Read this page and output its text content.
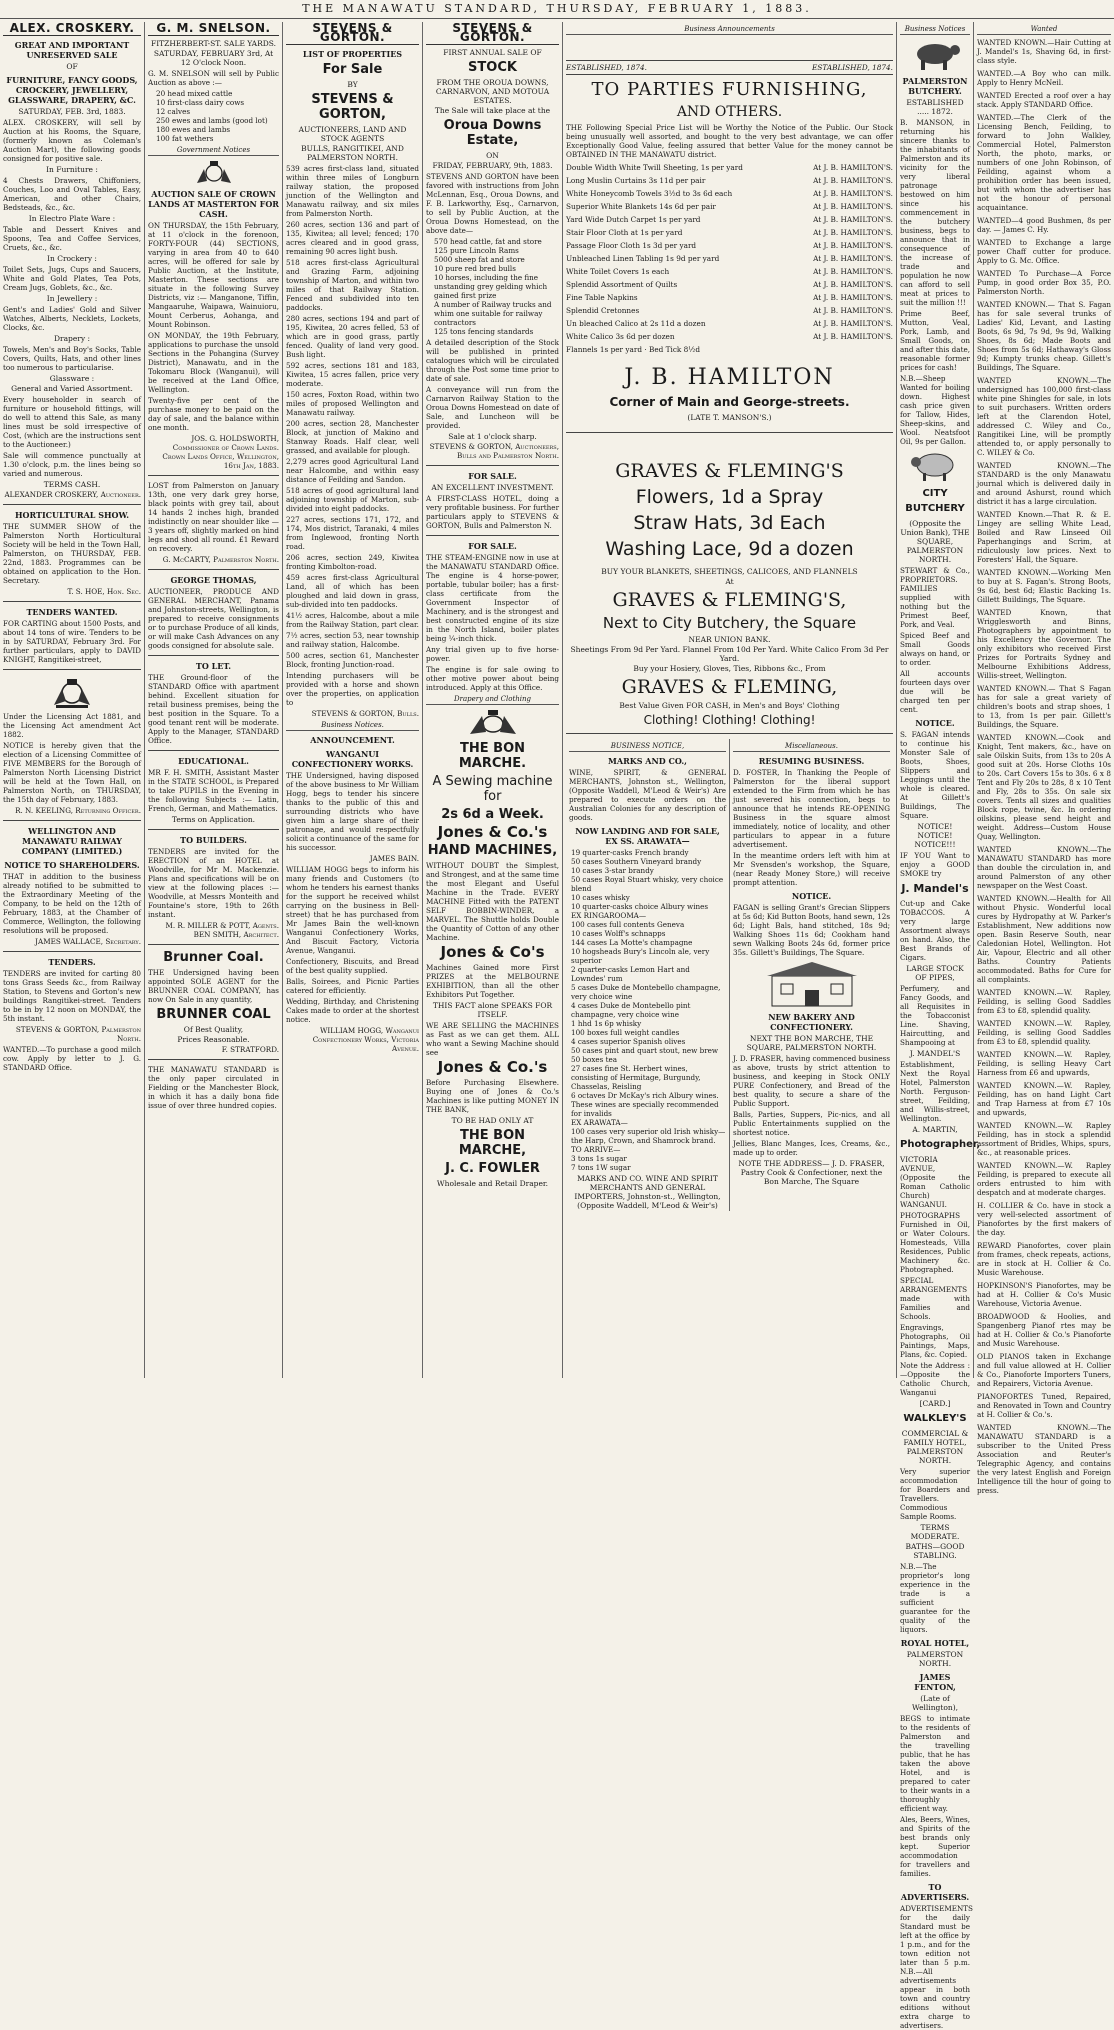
THE MANAWATU STANDARD, THURSDAY, FEBRUARY 1, 1883.
ALEX. CROSKERY.
GREAT AND IMPORTANT UNRESERVED SALE
OF
FURNITURE, FANCY GOODS, CROCKERY, JEWELLERY, GLASSWARE, DRAPERY, &C.
SATURDAY, FEB. 3rd, 1883.
ALEX. CROSKERY, will sell by Auction at his Rooms, the Square, (formerly known as Coleman's Auction Mart), the following goods consigned for positive sale.
In Furniture :
4 Chests Drawers, Chiffoniers, Couches, Loo and Oval Tables, Easy, American, and other Chairs, Bedsteads, &c., &c.
In Electro Plate Ware :
Table and Dessert Knives and Spoons, Tea and Coffee Services, Cruets, &c., &c.
In Crockery :
Toilet Sets, Jugs, Cups and Saucers, White and Gold Plates, Tea Pots, Cream Jugs, Goblets, &c., &c.
In Jewellery :
Gent's and Ladies' Gold and Silver Watches, Alberts, Necklets, Lockets, Clocks, &c.
Drapery :
Towels, Men's and Boy's Socks, Table Covers, Quilts, Hats, and other lines too numerous to particularise.
Glassware :
General and Varied Assortment.
Every householder in search of furniture or household fittings, will do well to attend this Sale, as many lines must be sold irrespective of Cost, (which are the instructions sent to the Auctioneer.)
Sale will commence punctually at 1.30 o'clock, p.m. the lines being so varied and numerous.
TERMS CASH.
ALEXANDER CROSKERY, Auctioneer.
HORTICULTURAL SHOW.
THE SUMMER SHOW of the Palmerston North Horticultural Society will be held in the Town Hall, Palmerston, on THURSDAY, FEB. 22nd, 1883. Programmes can be obtained on application to the Hon. Secretary.
T. S. HOE, Hon. Sec.
TENDERS WANTED.
FOR CARTING about 1500 Posts, and about 14 tons of wire. Tenders to be in by SATURDAY, February 3rd. For further particulars, apply to DAVID KNIGHT, Rangitikei-street,
Under the Licensing Act 1881, and the Licensing Act amendment Act 1882.
NOTICE is hereby given that the election of a Licensing Committee of FIVE MEMBERS for the Borough of Palmerston North Licensing District will be held at the Town Hall, on Palmerston North, on THURSDAY, the 15th day of February, 1883.
R. N. KEELING, Returning Officer.
WELLINGTON AND MANAWATU RAILWAY COMPANY (LIMITED.)
NOTICE TO SHAREHOLDERS.
THAT in addition to the business already notified to be submitted to the Extraordinary Meeting of the Company, to be held on the 12th of February, 1883, at the Chamber of Commerce, Wellington, the following resolutions will be proposed.
JAMES WALLACE, Secretary.
TENDERS.
TENDERS are invited for carting 80 tons Grass Seeds &c., from Railway Station, to Stevens and Gorton's new buildings Rangitikei-street. Tenders to be in by 12 noon on MONDAY, the 5th instant.
STEVENS & GORTON, Palmerston North.
WANTED.—To purchase a good milch cow. Apply by letter to J. G. STANDARD Office.
G. M. SNELSON.
FITZHERBERT-ST. SALE YARDS.
SATURDAY, FEBRUARY 3rd, At 12 O'clock Noon.
G. M. SNELSON will sell by Public Auction as above :—
20 head mixed cattle
10 first-class dairy cows
12 calves
250 ewes and lambs (good lot)
180 ewes and lambs
100 fat wethers
Government Notices
AUCTION SALE OF CROWN LANDS AT MASTERTON FOR CASH.
ON THURSDAY, the 15th February, at 11 o'clock in the forenoon, FORTY-FOUR (44) SECTIONS, varying in area from 40 to 640 acres, will be offered for sale by Public Auction, at the Institute, Masterton. These sections are situate in the following Survey Districts, viz :— Manganone, Tiffin, Mangaaruhe, Waipawa, Wainuioru, Mount Cerberus, Aohanga, and Mount Robinson.
ON MONDAY, the 19th February, applications to purchase the unsold Sections in the Pohangina (Survey District), Manawatu, and in the Tokomaru Block (Wanganui), will be received at the Land Office, Wellington.
Twenty-five per cent of the purchase money to be paid on the day of sale, and the balance within one month.
JOS. G. HOLDSWORTH, Commissioner of Crown Lands. Crown Lands Office, Wellington, 16th Jan, 1883.
LOST from Palmerston on January 13th, one very dark grey horse, black points with grey tail, about 14 hands 2 inches high, branded indistinctly on near shoulder like — 3 years off, slightly marked on hind legs and shod all round. £1 Reward on recovery.
G. McCARTY, Palmerston North.
GEORGE THOMAS,
AUCTIONEER, PRODUCE AND GENERAL MERCHANT, Panama and Johnston-streets, Wellington, is prepared to receive consignments or to purchase Produce of all kinds, or will make Cash Advances on any goods consigned for absolute sale.
TO LET.
THE Ground-floor of the STANDARD Office with apartment behind. Excellent situation for retail business premises, being the best position in the Square. To a good tenant rent will be moderate. Apply to the Manager, STANDARD Office.
EDUCATIONAL.
MR F. H. SMITH, Assistant Master in the STATE SCHOOL, is Prepared to take PUPILS in the Evening in the following Subjects :— Latin, French, German, and Mathematics.
Terms on Application.
TO BUILDERS.
TENDERS are invited for the ERECTION of an HOTEL at Woodville, for Mr M. Mackenzie. Plans and specifications will be on view at the following places :— Woodville, at Messrs Monteith and Fountaine's store, 19th to 26th instant.
M. R. MILLER & POTT, Agents. BEN SMITH, Architect.
Brunner Coal.
THE Undersigned having been appointed SOLE AGENT for the BRUNNER COAL COMPANY, has now On Sale in any quantity,
BRUNNER COAL
Of Best Quality,
Prices Reasonable.
F. STRATFORD.
THE MANAWATU STANDARD is the only paper circulated in Fielding or the Manchester Block, in which it has a daily bona fide issue of over three hundred copies.
STEVENS & GORTON.
LIST OF PROPERTIES
For Sale
BY
STEVENS & GORTON,
AUCTIONEERS, LAND AND STOCK AGENTS
BULLS, RANGITIKEI, AND PALMERSTON NORTH.
539 acres first-class land, situated within three miles of Longburn railway station, the proposed junction of the Wellington and Manawatu railway, and six miles from Palmerston North.
260 acres, section 136 and part of 135, Kiwitea; all level; fenced; 170 acres cleared and in good grass, remaining 90 acres light bush.
518 acres first-class Agricultural and Grazing Farm, adjoining township of Marton, and within two miles of that Railway Station. Fenced and subdivided into ten paddocks.
280 acres, sections 194 and part of 195, Kiwitea, 20 acres felled, 53 of which are in good grass, partly fenced. Quality of land very good. Bush light.
592 acres, sections 181 and 183, Kiwitea, 15 acres fallen, price very moderate.
150 acres, Foxton Road, within two miles of proposed Wellington and Manawatu railway.
200 acres, section 28, Manchester Block, at junction of Makino and Stanway Roads. Half clear, well grassed, and available for plough.
2,279 acres good Agricultural Land near Halcombe, and within easy distance of Feilding and Sandon.
518 acres of good agricultural land adjoining township of Marton, sub-divided into eight paddocks.
227 acres, sections 171, 172, and 174, Mos district, Taranaki, 4 miles from Inglewood, fronting North road.
206 acres, section 249, Kiwitea fronting Kimbolton-road.
459 acres first-class Agricultural Land, all of which has been ploughed and laid down in grass, sub-divided into ten paddocks.
41½ acres, Halcombe, about a mile from the Railway Station, part clear.
7½ acres, section 53, near township and railway station, Halcombe.
500 acres, section 61, Manchester Block, fronting Junction-road.
Intending purchasers will be provided with a horse and shown over the properties, on application to
STEVENS & GORTON, Bulls.
Business Notices.
ANNOUNCEMENT.
WANGANUI CONFECTIONERY WORKS.
THE Undersigned, having disposed of the above business to Mr William Hogg, begs to tender his sincere thanks to the public of this and surrounding districts who have given him a large share of their patronage, and would respectfully solicit a continuance of the same for his successor.
JAMES BAIN.
WILLIAM HOGG begs to inform his many friends and Customers (to whom he tenders his earnest thanks for the support he received whilst carrying on the business in Bell-street) that he has purchased from Mr James Bain the well-known Wanganui Confectionery Works, And Biscuit Factory, Victoria Avenue, Wanganui.
Confectionery, Biscuits, and Bread of the best quality supplied.
Balls, Soirees, and Picnic Parties catered for efficiently.
Wedding, Birthday, and Christening Cakes made to order at the shortest notice.
WILLIAM HOGG, Wanganui Confectionery Works, Victoria Avenue.
STEVENS & GORTON.
FIRST ANNUAL SALE OF
STOCK
FROM THE OROUA DOWNS, CARNARVON, AND MOTOUA ESTATES.
The Sale will take place at the
Oroua Downs Estate,
ON
FRIDAY, FEBRUARY, 9th, 1883.
STEVENS AND GORTON have been favored with instructions from John McLennan, Esq., Oroua Downs, and F. B. Larkworthy, Esq., Carnarvon, to sell by Public Auction, at the Oroua Downs Homestead, on the above date—
570 head cattle, fat and store
125 pure Lincoln Rams
5000 sheep fat and store
10 pure red bred bulls
10 horses, including the fine unstanding grey gelding which gained first prize
A number of Railway trucks and whim one suitable for railway contractors
125 tons fencing standards
A detailed description of the Stock will be published in printed catalogues which will be circulated through the Post some time prior to date of sale.
A conveyance will run from the Carnarvon Railway Station to the Oroua Downs Homestead on date of Sale, and Luncheon will be provided.
Sale at 1 o'clock sharp.
STEVENS & GORTON, Auctioneers, Bulls and Palmerston North.
FOR SALE.
AN EXCELLENT INVESTMENT.
A FIRST-CLASS HOTEL, doing a very profitable business. For further particulars apply to STEVENS & GORTON, Bulls and Palmerston N.
FOR SALE.
THE STEAM-ENGINE now in use at the MANAWATU STANDARD Office. The engine is 4 horse-power, portable, tubular boiler; has a first-class certificate from the Government Inspector of Machinery, and is the strongest and best constructed engine of its size in the North Island, boiler plates being ¼-inch thick.
Any trial given up to five horse-power.
The engine is for sale owing to other motive power about being introduced. Apply at this Office.
Drapery and Clothing
THE BON MARCHE.
A Sewing machine for
2s 6d a Week.
Jones & Co.'s
HAND MACHINES,
WITHOUT DOUBT the Simplest, and Strongest, and at the same time the most Elegant and Useful Machine in the Trade. EVERY MACHINE Fitted with the PATENT SELF BOBBIN-WINDER, a MARVEL. The Shuttle holds Double the Quantity of Cotton of any other Machine.
Jones & Co's
Machines Gained more First PRIZES at the MELBOURNE EXHIBITION, than all the other Exhibitors Put Together.
THIS FACT alone SPEAKS FOR ITSELF.
WE ARE SELLING the MACHINES as Fast as we can get them. ALL who want a Sewing Machine should see
Jones & Co.'s
Before Purchasing Elsewhere. Buying one of Jones & Co.'s Machines is like putting MONEY IN THE BANK,
TO BE HAD ONLY AT
THE BON MARCHE,
J. C. FOWLER
Wholesale and Retail Draper.
Business Announcements
ESTABLISHED, 1874.	ESTABLISHED, 1874.
TO PARTIES FURNISHING,
AND OTHERS.
THE Following Special Price List will be Worthy the Notice of the Public. Our Stock being unusually well assorted, and bought to the very best advantage, we can offer Exceptionally Good Value, feeling assured that better Value for the money cannot be OBTAINED IN THE MANAWATU district.
Double Width White Twill Sheeting, 1s per yard	At J. B. HAMILTON'S.
Long Muslin Curtains 3s 11d per pair	At J. B. HAMILTON'S.
White Honeycomb Towels 3½d to 3s 6d each	At J. B. HAMILTON'S.
Superior White Blankets 14s 6d per pair	At J. B. HAMILTON'S.
Yard Wide Dutch Carpet 1s per yard	At J. B. HAMILTON'S.
Stair Floor Cloth at 1s per yard	At J. B. HAMILTON'S.
Passage Floor Cloth 1s 3d per yard	At J. B. HAMILTON'S.
Unbleached Linen Tabling 1s 9d per yard	At J. B. HAMILTON'S.
White Toilet Covers 1s each	At J. B. HAMILTON'S.
Splendid Assortment of Quilts	At J. B. HAMILTON'S.
Fine Table Napkins	At J. B. HAMILTON'S.
Splendid Cretonnes	At J. B. HAMILTON'S.
Un bleached Calico at 2s 11d a dozen	At J. B. HAMILTON'S.
White Calico 3s 6d per dozen	At J. B. HAMILTON'S.
Flannels 1s per yard · Bed Tick 8½d
J. B. HAMILTON
Corner of Main and George-streets.
(LATE T. MANSON'S.)
GRAVES & FLEMING'S
Flowers, 1d a Spray
Straw Hats, 3d Each
Washing Lace, 9d a dozen
BUY YOUR BLANKETS, SHEETINGS, CALICOES, AND FLANNELS
At
GRAVES & FLEMING'S,
Next to City Butchery, the Square
NEAR UNION BANK.
Sheetings From 9d Per Yard. Flannel From 10d Per Yard. White Calico From 3d Per Yard.
Buy your Hosiery, Gloves, Ties, Ribbons &c., From
GRAVES & FLEMING,
Best Value Given FOR CASH, in Men's and Boys' Clothing
Clothing! Clothing! Clothing!
BUSINESS NOTICE,
MARKS AND CO.,
WINE, SPIRIT, & GENERAL MERCHANTS, Johnston st., Wellington, (Opposite Waddell, M'Leod & Weir's) Are prepared to execute orders on the Australian Colonies for any description of goods.
NOW LANDING AND FOR SALE, EX SS. ARAWATA—
19 quarter-casks French brandy
50 cases Southern Vineyard brandy
10 cases 3-star brandy
50 cases Royal Stuart whisky, very choice blend
10 cases whisky
10 quarter-casks choice Albury wines
EX RINGAROOMA—
100 cases full contents Geneva
10 cases Wolff's schnapps
144 cases La Motte's champagne
10 hogsheads Bury's Lincoln ale, very superior
2 quarter-casks Lemon Hart and Lowndes' rum
5 cases Duke de Montebello champagne, very choice wine
4 cases Duke de Montebello pint champagne, very choice wine
1 hhd 1s 6p whisky
100 boxes full weight candles
4 cases superior Spanish olives
50 cases pint and quart stout, new brew
50 boxes tea
27 cases fine St. Herbert wines, consisting of Hermitage, Burgundy, Chasselas, Reisling
6 octaves Dr McKay's rich Albury wines. These wines are specially recommended for invalids
EX ARAWATA—
100 cases very superior old Irish whisky—the Harp, Crown, and Shamrock brand.
TO ARRIVE—
3 tons 1s sugar
7 tons 1W sugar
MARKS AND CO. WINE AND SPIRIT MERCHANTS AND GENERAL IMPORTERS, Johnston-st., Wellington, (Opposite Waddell, M'Leod & Weir's)
Miscellaneous.
RESUMING BUSINESS.
D. FOSTER, In Thanking the People of Palmerston for the liberal support extended to the Firm from which he has just severed his connection, begs to announce that he intends RE-OPENING Business in the square almost immediately, notice of locality, and other particulars to appear in a future advertisement.
In the meantime orders left with him at Mr Svensden's workshop, the Square, (near Ready Money Store,) will receive prompt attention.
NOTICE.
FAGAN is selling Grant's Grecian Slippers at 5s 6d; Kid Button Boots, hand sewn, 12s 6d; Light Bals, hand stitched, 18s 9d; Walking Shoes 11s 6d; Cookham hand sewn Walking Boots 24s 6d, former price 35s. Gillett's Buildings, The Square.
NEW BAKERY AND CONFECTIONERY.
NEXT THE BON MARCHE, THE SQUARE, PALMERSTON NORTH.
J. D. FRASER, having commenced business as above, trusts by strict attention to business, and keeping in Stock ONLY PURE Confectionery, and Bread of the best quality, to secure a share of the Public Support.
Balls, Parties, Suppers, Pic-nics, and all Public Entertainments supplied on the shortest notice.
Jellies, Blanc Manges, Ices, Creams, &c., made up to order.
NOTE THE ADDRESS— J. D. FRASER, Pastry Cook & Confectioner, next the Bon Marche, The Square
Business Notices
PALMERSTON BUTCHERY.
ESTABLISHED ..... 1872.
B. MANSON, in returning his sincere thanks to the inhabitants of Palmerston and its vicinity for the very liberal patronage bestowed on him since his commencement in the butchery business, begs to announce that in consequence of the increase of trade and population he now can afford to sell meat at prices to suit the million !!!
Prime Beef, Mutton, Veal, Pork, Lamb, and Small Goods, on and after this date, reasonable former prices for cash!
N.B.—Sheep Wanted for boiling down. Highest cash price given for Tallow, Hides, Sheep-skins, and Wool. Neatsfoot Oil, 9s per Gallon.
CITY BUTCHERY
(Opposite the Union Bank), THE SQUARE, PALMERSTON NORTH.
STEWART & Co., PROPRIETORS. FAMILIES supplied with nothing but the Primest Beef, Pork, and Veal.
Spiced Beef and Small Goods always on hand, or to order.
All accounts fourteen days over due will be charged ten per cent.
NOTICE.
S. FAGAN intends to continue his Monster Sale of Boots, Shoes, Slippers and Leggings until the whole is cleared. At Gillett's Buildings, The Square.
NOTICE! NOTICE! NOTICE!!!
IF YOU Want to enjoy a GOOD SMOKE try
J. Mandel's
Cut-up and Cake TOBACCOS. A very large Assortment always on hand. Also, the Best Brands of Cigars.
LARGE STOCK OF PIPES,
Perfumery, and Fancy Goods, and all Requisites in the Tobacconist Line. Shaving, Haircutting, and Shampooing at
J. MANDEL'S
Establishment, Next the Royal Hotel, Palmerston North. Ferguson-street, Feilding, and Willis-street, Wellington.
A. MARTIN,
Photographer,
VICTORIA AVENUE, (Opposite the Roman Catholic Church) WANGANUI.
PHOTOGRAPHS Furnished in Oil, or Water Colours. Homesteads, Villa Residences, Public Machinery &c. Photographed.
SPECIAL ARRANGEMENTS made with Families and Schools.
Engravings, Photographs, Oil Paintings, Maps, Plans, &c. Copied.
Note the Address :—Opposite the Catholic Church, Wanganui
[CARD.]
WALKLEY'S
COMMERCIAL & FAMILY HOTEL, PALMERSTON NORTH.
Very superior accommodation for Boarders and Travellers. Commodious Sample Rooms.
TERMS MODERATE.
BATHS—GOOD STABLING.
N.B.—The proprietor's long experience in the trade is a sufficient guarantee for the quality of the liquors.
ROYAL HOTEL,
PALMERSTON NORTH.
JAMES FENTON,
(Late of Wellington),
BEGS to intimate to the residents of Palmerston and the travelling public, that he has taken the above Hotel, and is prepared to cater to their wants in a thoroughly efficient way.
Ales, Beers, Wines, and Spirits of the best brands only kept. Superior accommodation for travellers and families.
TO ADVERTISERS.
ADVERTISEMENTS for the daily Standard must be left at the office by 1 p.m., and for the town edition not later than 5 p.m. N.B.—All advertisements appear in both town and country editions without extra charge to advertisers.
Wanted
WANTED KNOWN.—Hair Cutting at J. Mandel's 1s, Shaving 6d, in first-class style.
WANTED.—A Boy who can milk. Apply to Henry McNeil.
WANTED Erected a roof over a hay stack. Apply STANDARD Office.
WANTED.—The Clerk of the Licensing Bench, Feilding, to forward to John Walkley, Commercial Hotel, Palmerston North, the photo, marks, or numbers of one John Robinson, of Feilding, against whom a prohibition order has been issued, but with whom the advertiser has not the honour of personal acquaintance.
WANTED—4 good Bushmen, 8s per day. — James C. Hy.
WANTED to Exchange a large power Chaff cutter for produce. Apply to G. Mc. Office.
WANTED To Purchase—A Force Pump, in good order Box 35, P.O. Palmerston North.
WANTED KNOWN.— That S. Fagan has for sale several trunks of Ladies' Kid, Levant, and Lasting Boots, 6s 9d, 7s 9d, 9s 9d, Walking Shoes, 8s 6d; Made Boots and Shoes from 5s 6d; Hathaway's Gloss 9d; Kumpty trunks cheap. Gillett's Buildings, The Square.
WANTED KNOWN.—The undersigned has 100,000 first-class white pine Shingles for sale, in lots to suit purchasers. Written orders left at the Clarendon Hotel, addressed C. Wiley and Co., Rangitikei Line, will be promptly attended to, or apply personally to C. WILEY & Co.
WANTED KNOWN.—The STANDARD is the only Manawatu journal which is delivered daily in and around Ashurst, round which district it has a large circulation.
WANTED Known.—That R. & E. Lingey are selling White Lead, Boiled and Raw Linseed Oil Paperhangings and Scrim, at ridiculously low prices. Next to Foresters' Hall, the Square.
WANTED KNOWN.—Working Men to buy at S. Fagan's. Strong Boots, 9s 6d, best 6d; Elastic Backing 1s. Gillett Buildings, The Square.
WANTED Known, that Wrigglesworth and Binns, Photographers by appointment to his Excellency the Governor. The only exhibitors who received First Prizes for Portraits Sydney and Melbourne Exhibitions Address, Willis-street, Wellington.
WANTED KNOWN.— That S Fagan has for sale a great variety of children's boots and strap shoes, 1 to 13, from 1s per pair. Gillett's Buildings, the Square.
WANTED KNOWN.—Cook and Knight, Tent makers, &c., have on sale Oilskin Suits, from 13s to 20s A good suit at 20s. Horse Cloths 10s to 20s. Cart Covers 15s to 30s. 6 x 8 Tent and Fly 20s to 28s, 8 x 10 Tent and Fly, 28s to 35s. On sale six covers. Tents all sizes and qualities Block rope, twine, &c. In ordering oilskins, please send height and weight. Address—Custom House Quay, Wellington.
WANTED KNOWN.—The MANAWATU STANDARD has more than double the circulation in, and around Palmerston of any other newspaper on the West Coast.
WANTED KNOWN.—Health for All without Physic. Wonderful local cures by Hydropathy at W. Parker's Establishment, New additions now open. Basin Reserve South, near Caledonian Hotel, Wellington. Hot Air, Vapour, Electric and all other Baths. Country Patients accommodated. Baths for Cure for all complaints.
WANTED KNOWN.—W. Rapley, Feilding, is selling Good Saddles from £3 to £8, splendid quality.
WANTED KNOWN.—W. Rapley, Feilding, is selling Good Saddles from £3 to £8, splendid quality.
WANTED KNOWN.—W. Rapley, Feilding, is selling Heavy Cart Harness from £6 and upwards,
WANTED KNOWN.—W. Rapley, Feilding, has on hand Light Cart and Trap Harness at from £7 10s and upwards,
WANTED KNOWN.—W. Rapley Feilding, has in stock a splendid assortment of Bridles, Whips, spurs, &c., at reasonable prices.
WANTED KNOWN.—W. Rapley Feilding, is prepared to execute all orders entrusted to him with despatch and at moderate charges.
H. COLLIER & Co. have in stock a very well-selected assortment of Pianofortes by the first makers of the day.
REWARD Pianofortes, cover plain from frames, check repeats, actions, are in stock at H. Collier & Co. Music Warehouse.
HOPKINSON'S Pianofortes, may be had at H. Collier & Co's Music Warehouse, Victoria Avenue.
BROADWOOD & Hoolies, and Spangenberg Pianof rtes may be had at H. Collier & Co.'s Pianoforte and Music Warehouse.
OLD PIANOS taken in Exchange and full value allowed at H. Collier & Co., Pianoforte Importers Tuners, and Repairers, Victoria Avenue.
PIANOFORTES Tuned, Repaired, and Renovated in Town and Country at H. Collier & Co.'s.
WANTED KNOWN.—The MANAWATU STANDARD is a subscriber to the United Press Association and Reuter's Telegraphic Agency, and contains the very latest English and Foreign Intelligence till the hour of going to press.
